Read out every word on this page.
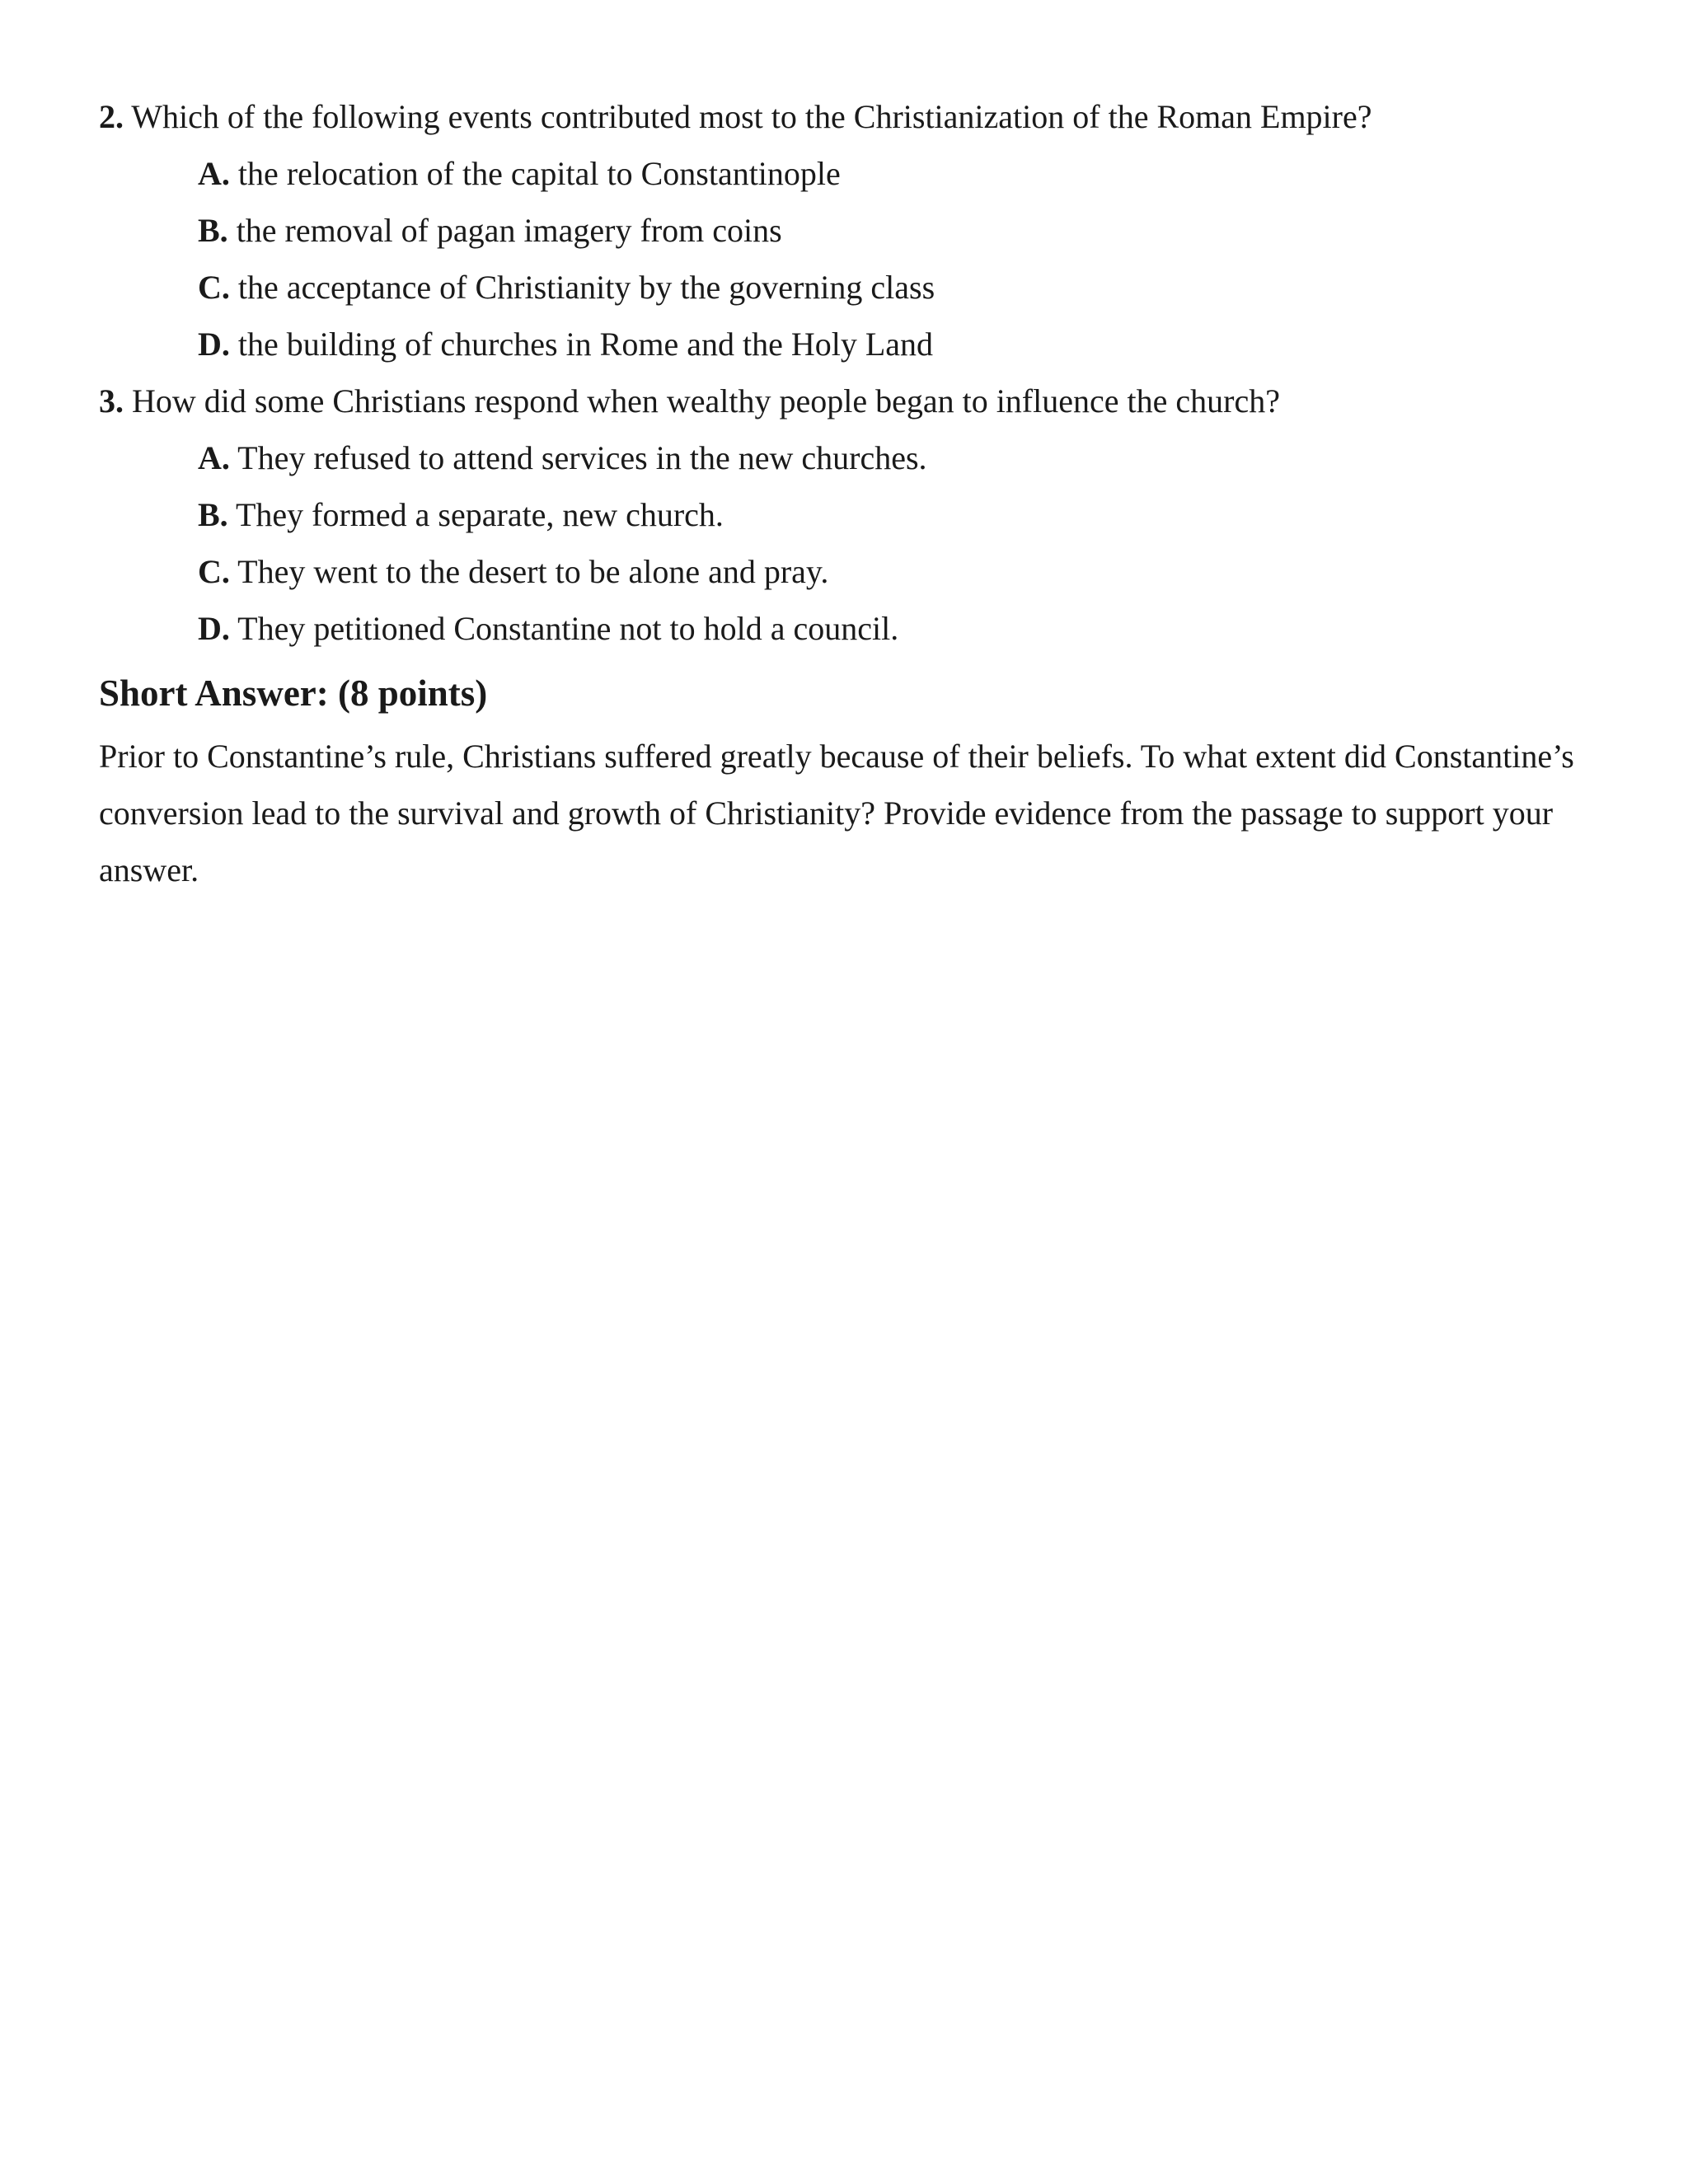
2. Which of the following events contributed most to the Christianization of the Roman Empire?
A. the relocation of the capital to Constantinople
B. the removal of pagan imagery from coins
C. the acceptance of Christianity by the governing class
D. the building of churches in Rome and the Holy Land
3. How did some Christians respond when wealthy people began to influence the church?
A. They refused to attend services in the new churches.
B. They formed a separate, new church.
C. They went to the desert to be alone and pray.
D. They petitioned Constantine not to hold a council.
Short Answer: (8 points)
Prior to Constantine’s rule, Christians suffered greatly because of their beliefs. To what extent did Constantine’s conversion lead to the survival and growth of Christianity? Provide evidence from the passage to support your answer.
